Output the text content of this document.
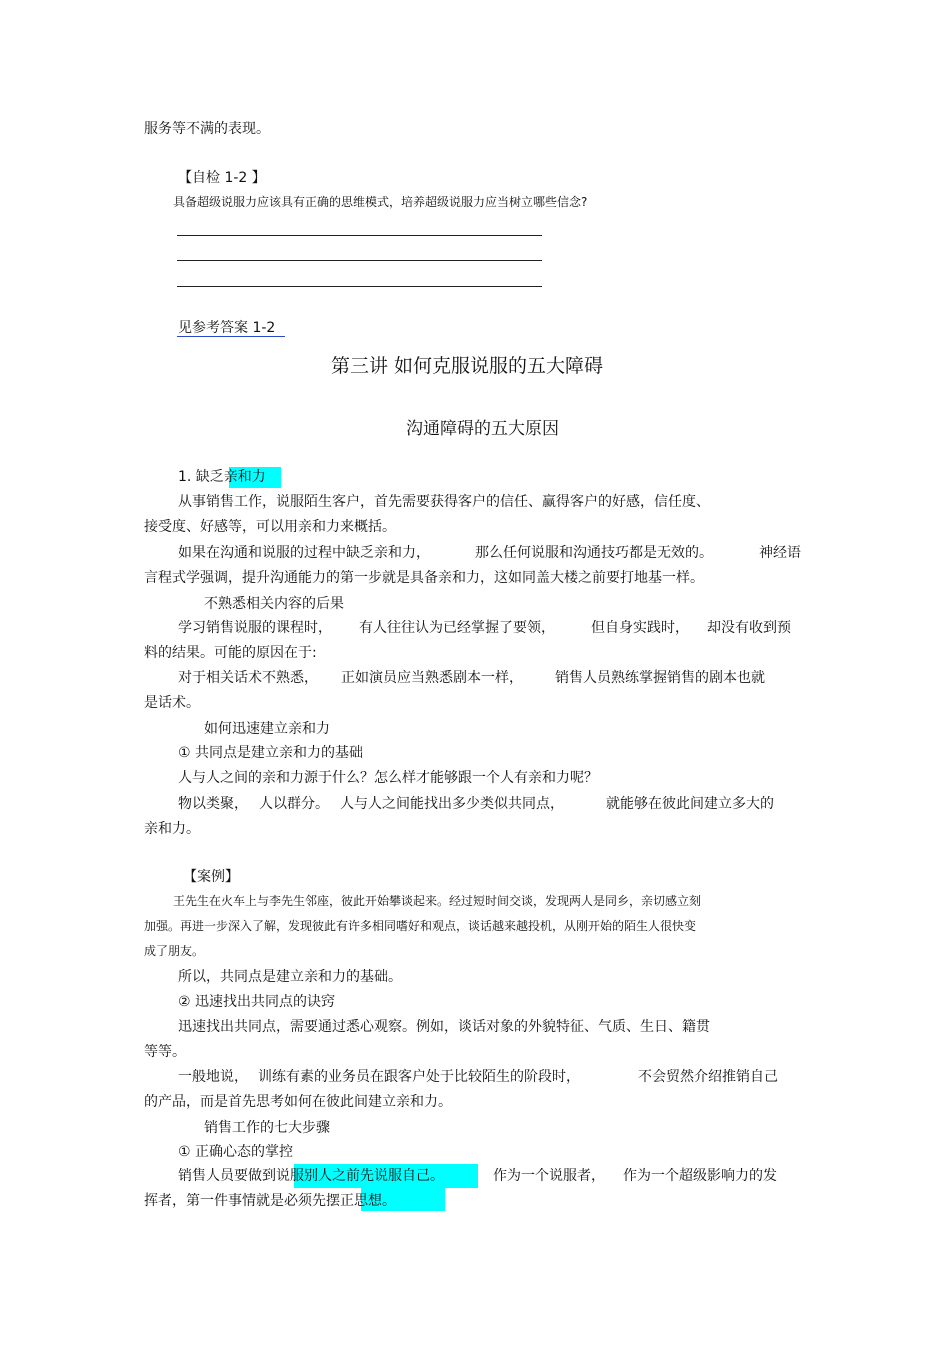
服务等不满的表现。
【自检 1-2 】
具备超级说服力应该具有正确的思维模式，培养超级说服力应当树立哪些信念?
见参考答案 1-2
第三讲 如何克服说服的五大障碍
沟通障碍的五大原因
1. 缺乏亲和力
从事销售工作，说服陌生客户，首先需要获得客户的信任、赢得客户的好感，信任度、
接受度、好感等，可以用亲和力来概括。
如果在沟通和说服的过程中缺乏亲和力，	那么任何说服和沟通技巧都是无效的。	神经语
言程式学强调，提升沟通能力的第一步就是具备亲和力，这如同盖大楼之前要打地基一样。
不熟悉相关内容的后果
学习销售说服的课程时， 有人往往认为已经掌握了要领，	但自身实践时， 却没有收到预
料的结果。可能的原因在于:
对于相关话术不熟悉， 正如演员应当熟悉剧本一样， 销售人员熟练掌握销售的剧本也就
是话术。
如何迅速建立亲和力
① 共同点是建立亲和力的基础
人与人之间的亲和力源于什么？怎么样才能够跟一个人有亲和力呢？
物以类聚， 人以群分。 人与人之间能找出多少类似共同点，	就能够在彼此间建立多大的
亲和力。
【案例】
王先生在火车上与李先生邻座，彼此开始攀谈起来。经过短时间交谈，发现两人是同乡，亲切感立刻
加强。再进一步深入了解，发现彼此有许多相同嗜好和观点，谈话越来越投机，从刚开始的陌生人很快变
成了朋友。
所以，共同点是建立亲和力的基础。
② 迅速找出共同点的诀窍
迅速找出共同点，需要通过悉心观察。例如，谈话对象的外貌特征、气质、生日、籍贯
等等。
一般地说， 训练有素的业务员在跟客户处于比较陌生的阶段时，	不会贸然介绍推销自己
的产品，而是首先思考如何在彼此间建立亲和力。
销售工作的七大步骤
① 正确心态的掌控
销售人员要做到说服别人之前先说服自己。	作为一个说服者， 作为一个超级影响力的发
挥者，第一件事情就是必须先摆正思想。
